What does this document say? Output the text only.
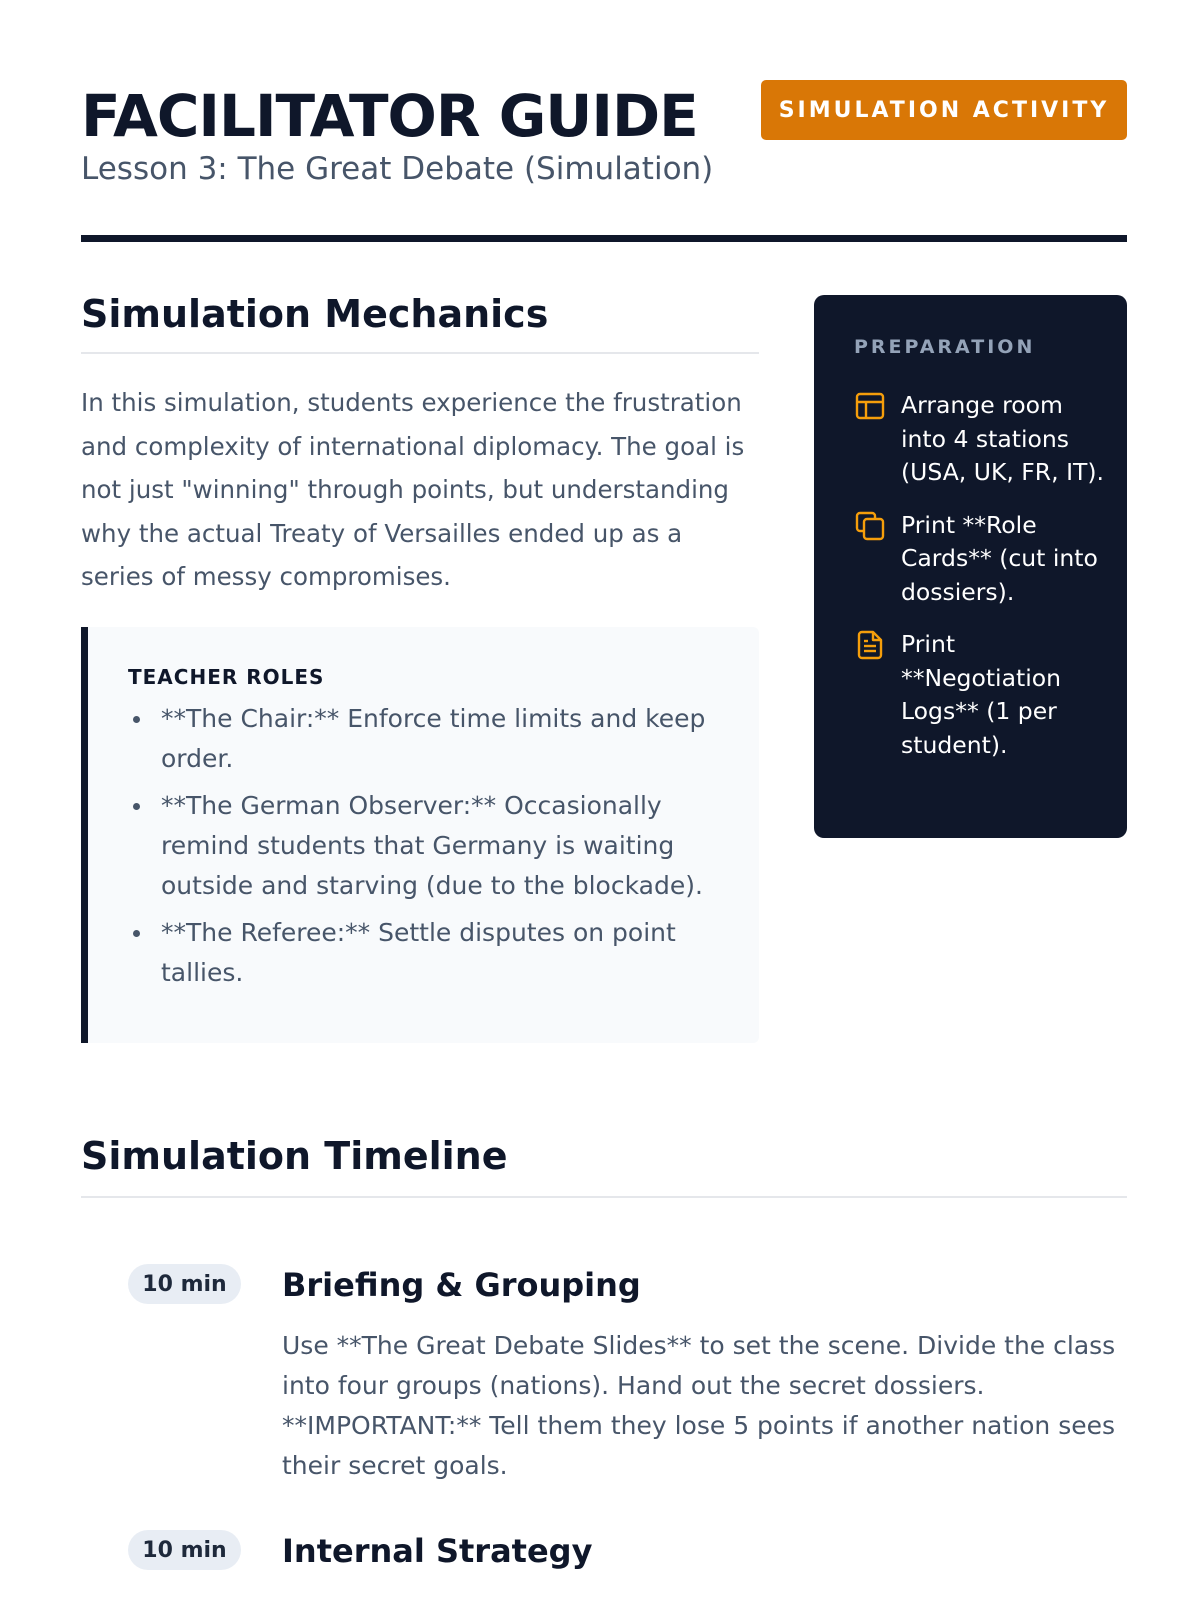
FACILITATOR GUIDE
Lesson 3: The Great Debate (Simulation)
SIMULATION ACTIVITY
Simulation Mechanics

In this simulation, students experience the frustration and complexity of international diplomacy. The goal is not just "winning" through points, but understanding why the actual Treaty of Versailles ended up as a series of messy compromises.

TEACHER ROLES
**The Chair:** Enforce time limits and keep order.
**The German Observer:** Occasionally remind students that Germany is waiting outside and starving (due to the blockade).
**The Referee:** Settle disputes on point tallies.
PREPARATION
Arrange room into 4 stations (USA, UK, FR, IT).
Print **Role Cards** (cut into dossiers).
Print **Negotiation Logs** (1 per student).
Simulation Timeline
10 min	Briefing & Grouping

Use **The Great Debate Slides** to set the scene. Divide the class into four groups (nations). Hand out the secret dossiers. **IMPORTANT:** Tell them they lose 5 points if another nation sees their secret goals.

10 min	Internal Strategy
